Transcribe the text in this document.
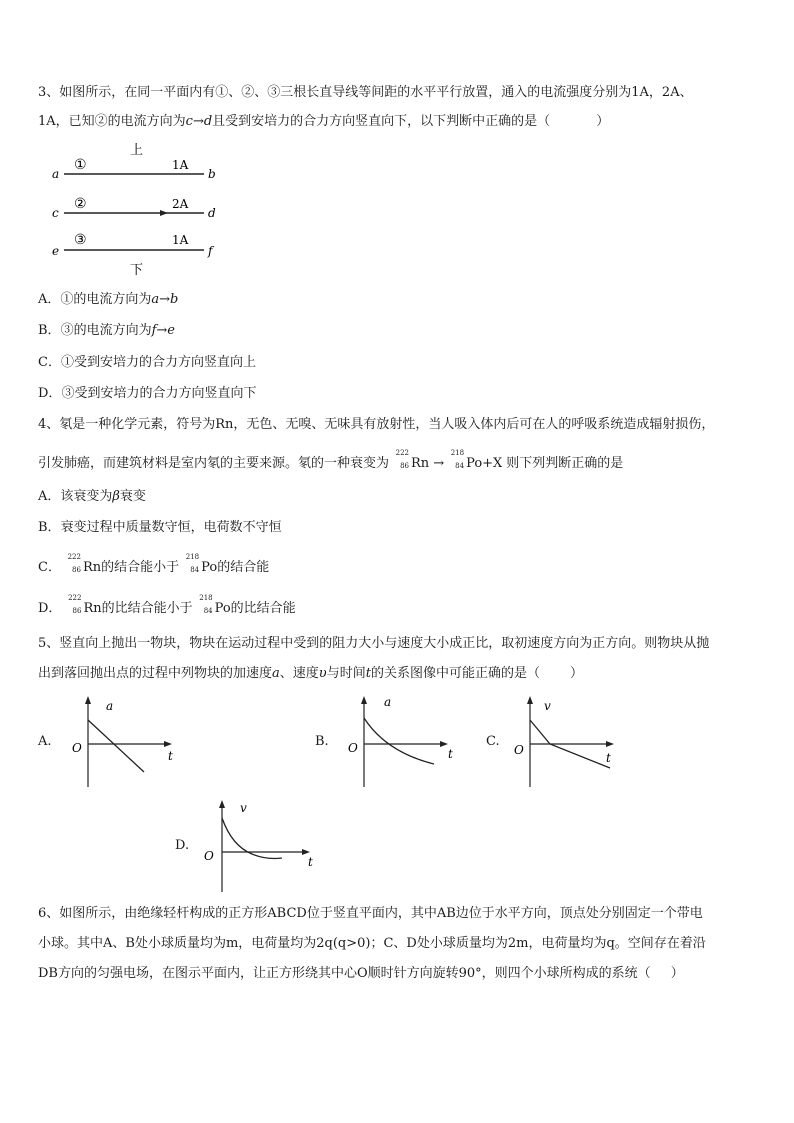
3、如图所示，在同一平面内有①、②、③三根长直导线等间距的水平平行放置，通入的电流强度分别为1A，2A、
1A，已知②的电流方向为c→d且受到安培力的合力方向竖直向下，以下判断中正确的是（	）
上
a
①	1A
b
c
②	2A
d
e
③	1A
f
下
A．①的电流方向为a→b
B．③的电流方向为f→e
C．①受到安培力的合力方向竖直向上
D．③受到安培力的合力方向竖直向下
4、氡是一种化学元素，符号为Rn，无色、无嗅、无味具有放射性，当人吸入体内后可在人的呼吸系统造成辐射损伤，
引发肺癌，而建筑材料是室内氡的主要来源。氡的一种衰变为
222
86 Rn →
218
84 Po+X 则下列判断正确的是
A．该衰变为β衰变
B．衰变过程中质量数守恒，电荷数不守恒
C．
222
86 Rn的结合能小于
218
84 Po的结合能
D．
222
86 Rn的比结合能小于
218
84 Po的比结合能
5、竖直向上抛出一物块，物块在运动过程中受到的阻力大小与速度大小成正比，取初速度方向为正方向。则物块从抛
出到落回抛出点的过程中列物块的加速度a、速度υ与时间t的关系图像中可能正确的是（ ）
A.
a
t
O	B.
a
t
O	C.
v
t
O
D.
v
t
O
6、如图所示，由绝缘轻杆构成的正方形ABCD位于竖直平面内，其中AB边位于水平方向，顶点处分别固定一个带电
小球。其中A、B处小球质量均为m，电荷量均为2q(q>0)；C、D处小球质量均为2m，电荷量均为q。空间存在着沿
DB方向的匀强电场，在图示平面内，让正方形绕其中心O顺时针方向旋转90°，则四个小球所构成的系统（ ）
